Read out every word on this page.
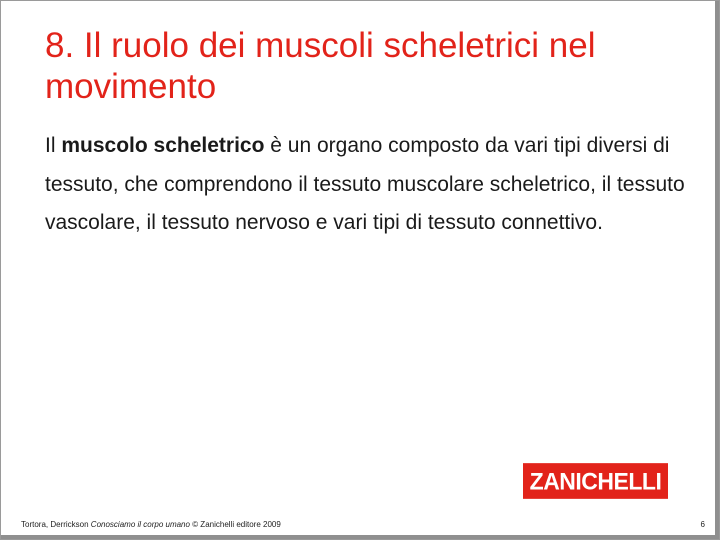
8. Il ruolo dei muscoli scheletrici nel movimento
Il muscolo scheletrico è un organo composto da vari tipi diversi di tessuto, che comprendono il tessuto muscolare scheletrico, il tessuto vascolare, il tessuto nervoso e vari tipi di tessuto connettivo.
ZANICHELLI
Tortora, Derrickson Conosciamo il corpo umano © Zanichelli editore 2009	6
